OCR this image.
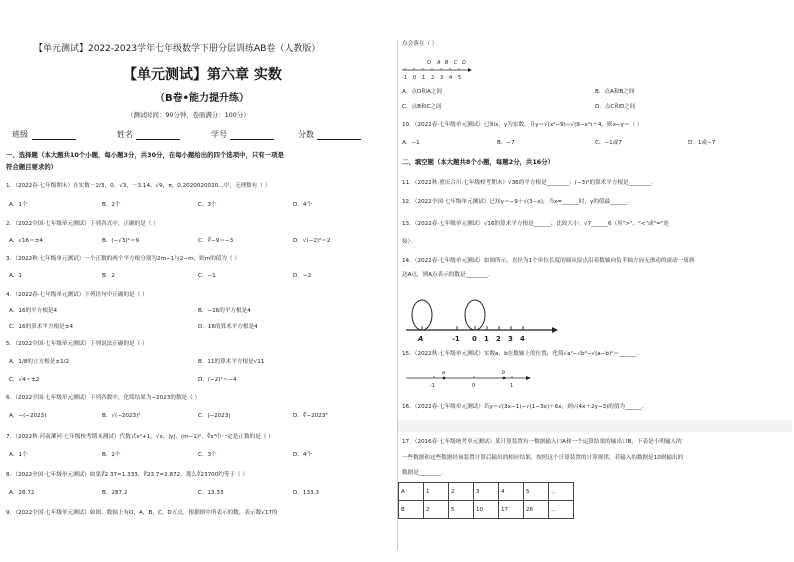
【单元测试】2022-2023学年七年级数学下册分层训练AB卷（人教版）
【单元测试】第六章 实数
（B卷•能力提升练）
（测试时间：90分钟，卷面满分：100分）
班级	姓名	学号	分数
一、选择题（本大题共10个小题，每小题3分，共30分，在每小题给出的四个选项中，只有一项是
符合题目要求的）
1．（2022春·七年级期末）在实数－2/3，0，√3，－3.14，√9，π，0.2020020020…中，无理数有（ ）
A．1个	B．2个	C．3个	D．4个
2．（2022全国·七年级单元测试）下列各式中，正确的是（ ）
A．√16＝±4	B．(−√3)²＝9	C．∛−9＝−3	D．√(−2)²＝2
3．（2022秋·七年级单元测试）一个正数的两个平方根分别为2m−1与2−m，则m的值为（ ）
A．1	B．2	C．−1	D．−2
4．（2022春·七年级单元测试）下列语句中正确的是（ ）
A．16的平方根是4	B．−16的平方根是4
C．16的算术平方根是±4	D．16的算术平方根是4
5．（2022全国·七年级单元测试）下列说法正确的是（ ）
A．1/8的立方根是±1/2	B．11的算术平方根是√11
C．√4＝±2	D．(−2)²＝−4
6．（2022全国·七年级单元测试）下列各数中，化简结果为−2023的数是（ ）
A．−(−2023)	B．√(−2023)²	C．|−2023|	D．∛−2023³
7．（2022秋·河南漯河·七年级校考期末测试）代数式x²+1，√x，|y|，(m−1)²，∛x³中一定是正数的是（ ）
A．1个	B．2个	C．3个	D．4个
8．（2022全国·七年级单元测试）如果∛2.37≈1.333，∛23.7≈2.872，那么∛23700约等于（ ）
A．28.72	B．287.2	C．13.33	D．133.3
9．（2022全国·七年级单元测试）如图，数轴上有O，A，B，C，D五点，根据图中所表示的数，表示数√17的
点会落在（ ）
O A B C D
-1 0 1 2 3 4 5
A．点O和A之间	B．点A和B之间
C．点B和C之间	D．点C和D之间
10．（2022春·七年级单元测试）已知x，y为实数，且y＝√(x²−9)−√(9−x²)＋4，则x−y＝（ ）
A．−1	B．−7	C．−1或7	D．1或−7
二、填空题（本大题共8个小题，每题2分，共16分）
11．（2022秋·重庆合川·七年级校考期末）√36的平方根是________；(−3)²的算术平方根是________．
12．（2022全国·七年级单元测试）已知y＝−9＋√(3−x)，当x=______时，y的值最______．
13．（2022春·七年级单元测试）√16的算术平方根是______；比较大小：√7______6（用">"、"<"或"="连
接）．
14．（2022春·七年级单元测试）如图所示，直径为1个单位长度的圆从原点沿着数轴向负半轴方向无滑动的滚动一周到
达A点，则A点表示的数是________．
A	-1 0 1 2 3 4
15．（2022秋·七年级单元测试）实数a，b在数轴上的位置，化简√a²−√b²−√(a−b)²＝______．
a	b
-1	0	1
16．（2022春·七年级单元测试）若y＝√(3x−1)−√(1−3x)＋6x，则√(4x＋2y−3)的值为______．
17．（2016春·七年级统考单元测试）某计算装置有一数据输入口A和一个运算结果的输出口B，下表是小明输入的
一些数据和这些数据经该装置计算后输出的相应结果，按照这个计算装置的计算规律，若输入的数据是10则输出的
数据是________．
A	1	2	3	4	5	…
B	2	5	10	17	26	…
